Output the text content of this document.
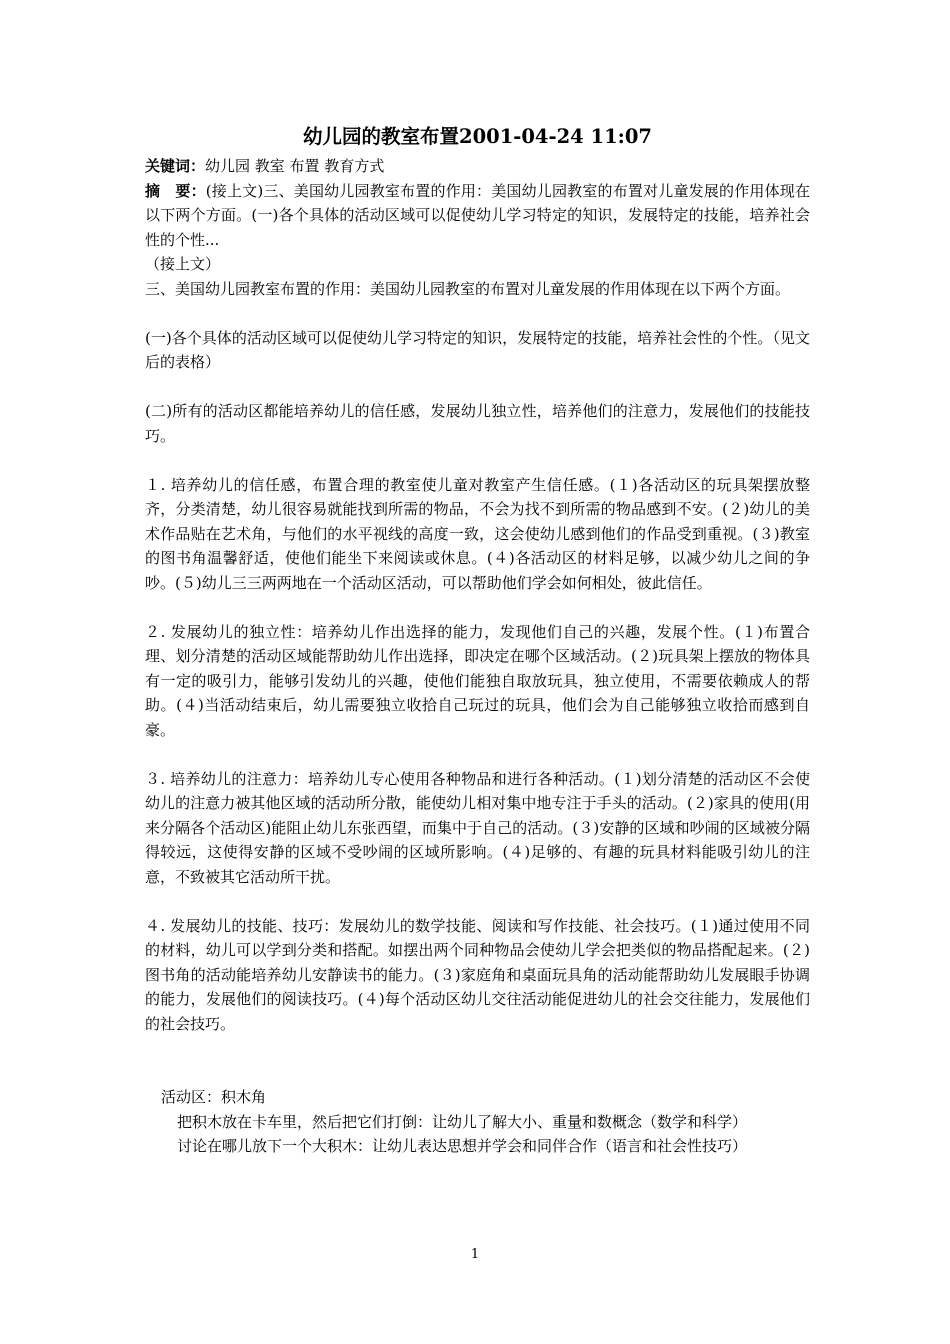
幼儿园的教室布置2001-04-24 11:07

关键词：幼儿园 教室 布置 教育方式

摘　要：(接上文)三、美国幼儿园教室布置的作用：美国幼儿园教室的布置对儿童发展的作用体现在以下两个方面。(一)各个具体的活动区域可以促使幼儿学习特定的知识，发展特定的技能，培养社会性的个性...

（接上文）

三、美国幼儿园教室布置的作用：美国幼儿园教室的布置对儿童发展的作用体现在以下两个方面。

(一)各个具体的活动区域可以促使幼儿学习特定的知识，发展特定的技能，培养社会性的个性。（见文后的表格）

(二)所有的活动区都能培养幼儿的信任感，发展幼儿独立性，培养他们的注意力，发展他们的技能技巧。

１. 培养幼儿的信任感，布置合理的教室使儿童对教室产生信任感。(１)各活动区的玩具架摆放整齐，分类清楚，幼儿很容易就能找到所需的物品，不会为找不到所需的物品感到不安。(２)幼儿的美术作品贴在艺术角，与他们的水平视线的高度一致，这会使幼儿感到他们的作品受到重视。(３)教室的图书角温馨舒适，使他们能坐下来阅读或休息。(４)各活动区的材料足够，以减少幼儿之间的争吵。(５)幼儿三三两两地在一个活动区活动，可以帮助他们学会如何相处，彼此信任。

２. 发展幼儿的独立性：培养幼儿作出选择的能力，发现他们自己的兴趣，发展个性。(１)布置合理、划分清楚的活动区域能帮助幼儿作出选择，即决定在哪个区域活动。(２)玩具架上摆放的物体具有一定的吸引力，能够引发幼儿的兴趣，使他们能独自取放玩具，独立使用，不需要依赖成人的帮助。(４)当活动结束后，幼儿需要独立收拾自己玩过的玩具，他们会为自己能够独立收拾而感到自豪。

３. 培养幼儿的注意力：培养幼儿专心使用各种物品和进行各种活动。(１)划分清楚的活动区不会使幼儿的注意力被其他区域的活动所分散，能使幼儿相对集中地专注于手头的活动。(２)家具的使用(用来分隔各个活动区)能阻止幼儿东张西望，而集中于自己的活动。(３)安静的区域和吵闹的区域被分隔得较远，这使得安静的区域不受吵闹的区域所影响。(４)足够的、有趣的玩具材料能吸引幼儿的注意，不致被其它活动所干扰。

４. 发展幼儿的技能、技巧：发展幼儿的数学技能、阅读和写作技能、社会技巧。(１)通过使用不同的材料，幼儿可以学到分类和搭配。如摆出两个同种物品会使幼儿学会把类似的物品搭配起来。(２)图书角的活动能培养幼儿安静读书的能力。(３)家庭角和桌面玩具角的活动能帮助幼儿发展眼手协调的能力，发展他们的阅读技巧。(４)每个活动区幼儿交往活动能促进幼儿的社会交往能力，发展他们的社会技巧。

活动区：积木角

把积木放在卡车里，然后把它们打倒：让幼儿了解大小、重量和数概念（数学和科学）

讨论在哪儿放下一个大积木：让幼儿表达思想并学会和同伴合作（语言和社会性技巧）

1
